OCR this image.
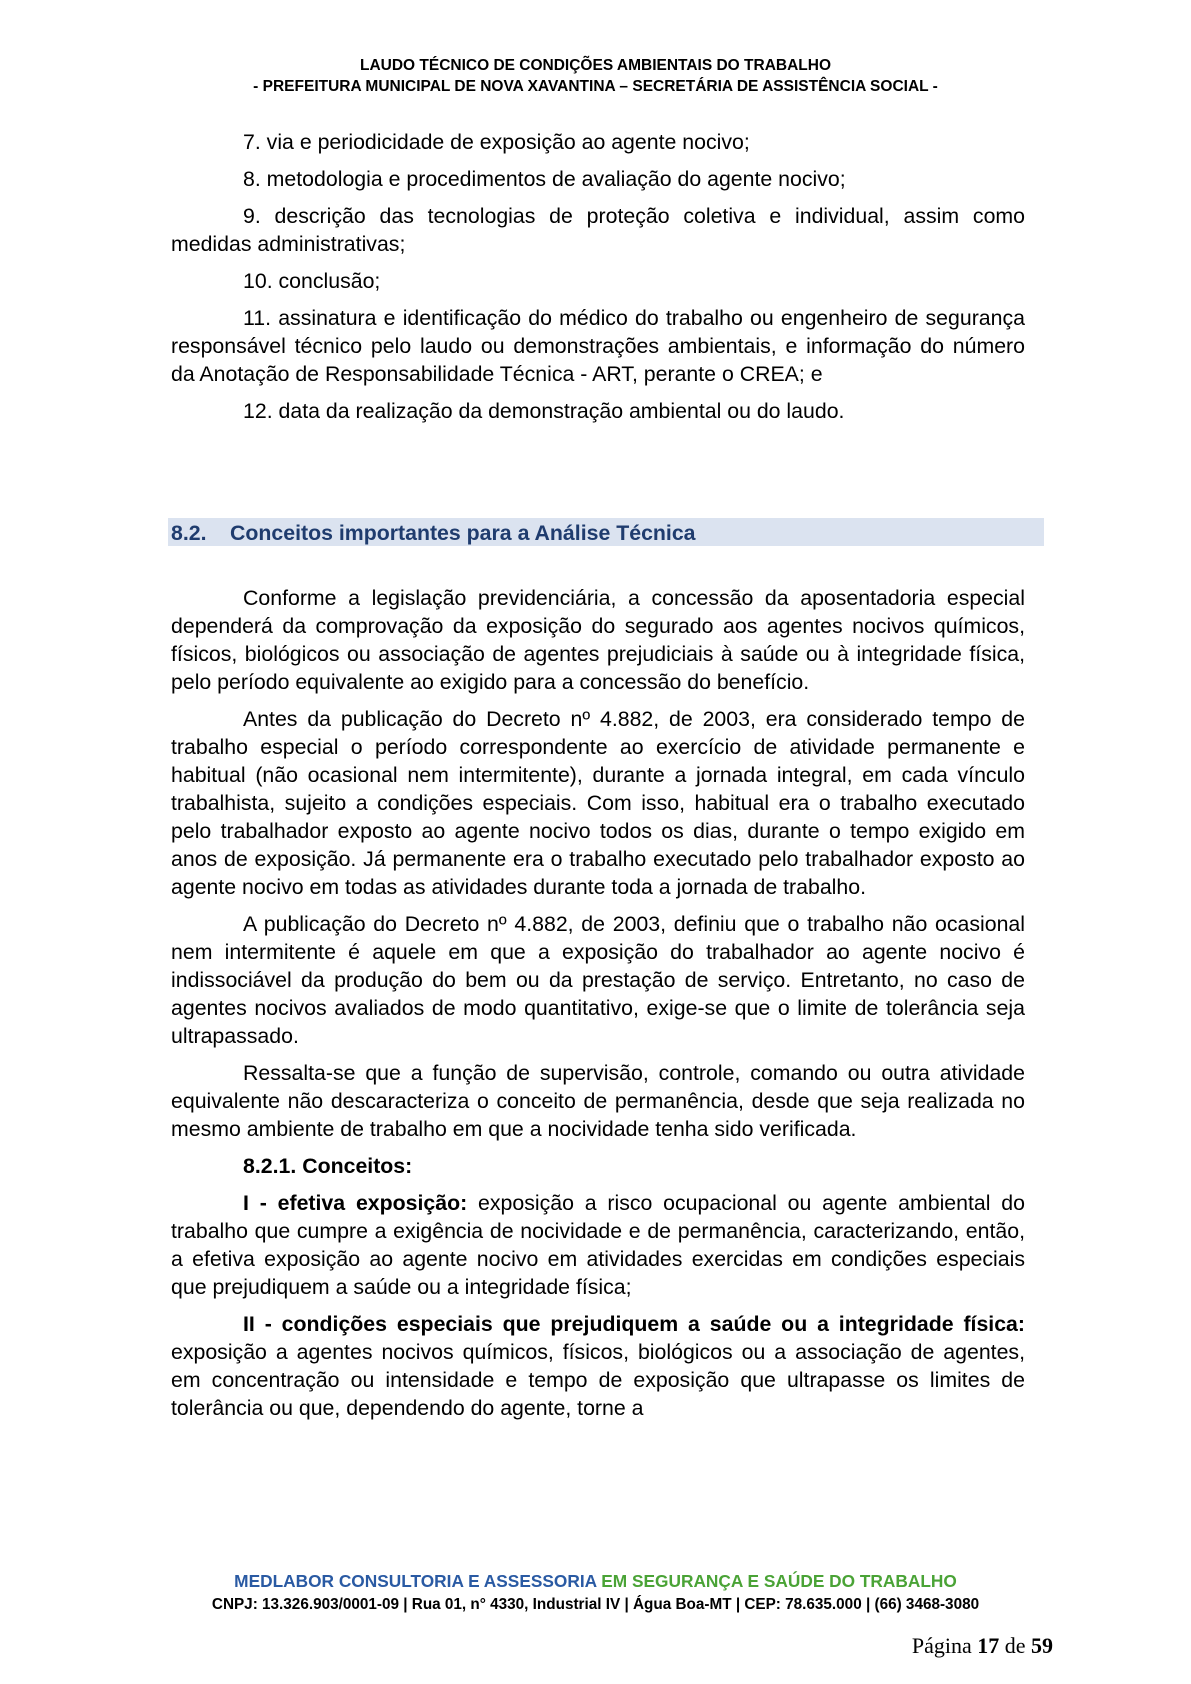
LAUDO TÉCNICO DE CONDIÇÕES AMBIENTAIS DO TRABALHO
- PREFEITURA MUNICIPAL DE NOVA XAVANTINA – SECRETÁRIA DE ASSISTÊNCIA SOCIAL -

7. via e periodicidade de exposição ao agente nocivo;

8. metodologia e procedimentos de avaliação do agente nocivo;

9. descrição das tecnologias de proteção coletiva e individual, assim como medidas administrativas;

10. conclusão;

11. assinatura e identificação do médico do trabalho ou engenheiro de segurança responsável técnico pelo laudo ou demonstrações ambientais, e informação do número da Anotação de Responsabilidade Técnica - ART, perante o CREA; e

12. data da realização da demonstração ambiental ou do laudo.

8.2. Conceitos importantes para a Análise Técnica

Conforme a legislação previdenciária, a concessão da aposentadoria especial dependerá da comprovação da exposição do segurado aos agentes nocivos químicos, físicos, biológicos ou associação de agentes prejudiciais à saúde ou à integridade física, pelo período equivalente ao exigido para a concessão do benefício.

Antes da publicação do Decreto nº 4.882, de 2003, era considerado tempo de trabalho especial o período correspondente ao exercício de atividade permanente e habitual (não ocasional nem intermitente), durante a jornada integral, em cada vínculo trabalhista, sujeito a condições especiais. Com isso, habitual era o trabalho executado pelo trabalhador exposto ao agente nocivo todos os dias, durante o tempo exigido em anos de exposição. Já permanente era o trabalho executado pelo trabalhador exposto ao agente nocivo em todas as atividades durante toda a jornada de trabalho.

A publicação do Decreto nº 4.882, de 2003, definiu que o trabalho não ocasional nem intermitente é aquele em que a exposição do trabalhador ao agente nocivo é indissociável da produção do bem ou da prestação de serviço. Entretanto, no caso de agentes nocivos avaliados de modo quantitativo, exige-se que o limite de tolerância seja ultrapassado.

Ressalta-se que a função de supervisão, controle, comando ou outra atividade equivalente não descaracteriza o conceito de permanência, desde que seja realizada no mesmo ambiente de trabalho em que a nocividade tenha sido verificada.

8.2.1. Conceitos:

I - efetiva exposição: exposição a risco ocupacional ou agente ambiental do trabalho que cumpre a exigência de nocividade e de permanência, caracterizando, então, a efetiva exposição ao agente nocivo em atividades exercidas em condições especiais que prejudiquem a saúde ou a integridade física;

II - condições especiais que prejudiquem a saúde ou a integridade física: exposição a agentes nocivos químicos, físicos, biológicos ou a associação de agentes, em concentração ou intensidade e tempo de exposição que ultrapasse os limites de tolerância ou que, dependendo do agente, torne a

MEDLABOR CONSULTORIA E ASSESSORIA EM SEGURANÇA E SAÚDE DO TRABALHO
CNPJ: 13.326.903/0001-09 | Rua 01, n° 4330, Industrial IV | Água Boa-MT | CEP: 78.635.000 | (66) 3468-3080
Página 17 de 59
